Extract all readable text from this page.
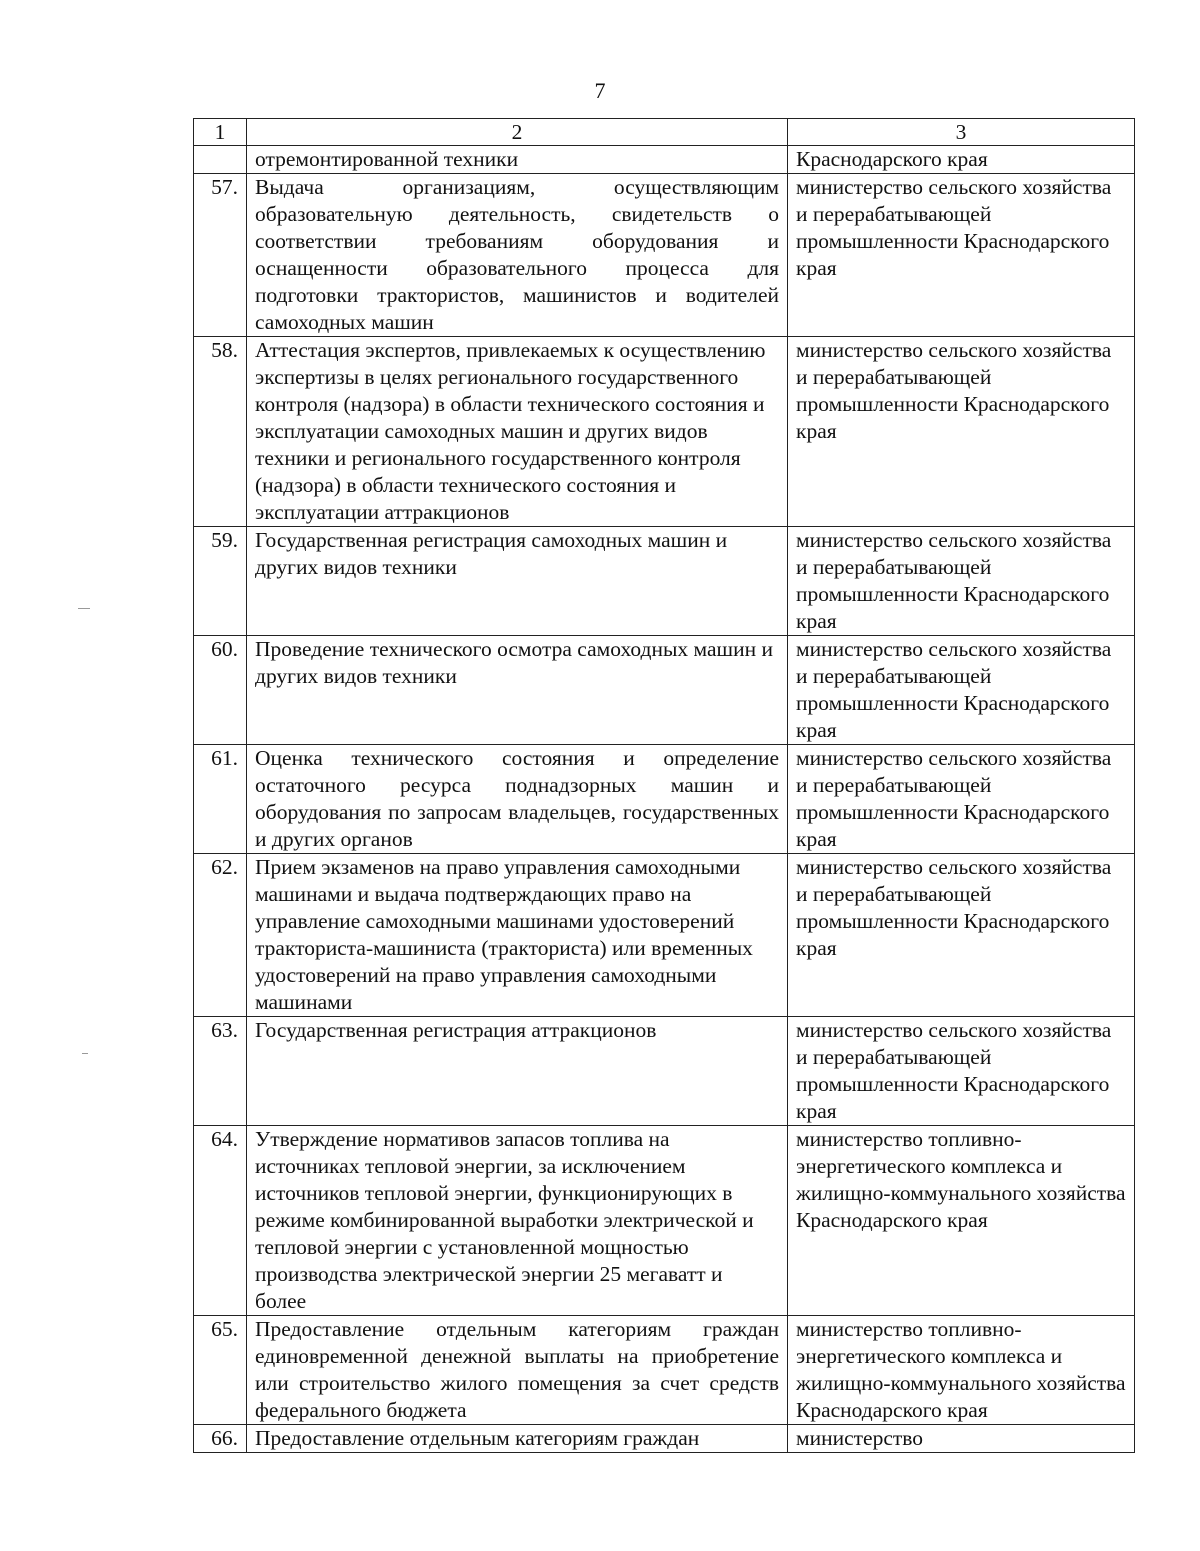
7
1	2	3
	отремонтированной техники	Краснодарского края
57.	Выдача организациям, осуществляющим образовательную деятельность, свидетельств о соответствии требованиям оборудования и оснащенности образовательного процесса для подготовки трактористов, машинистов и водителей самоходных машин	министерство сельского хозяйства и перерабатывающей промышленности Краснодарского края
58.	Аттестация экспертов, привлекаемых к осуществлению экспертизы в целях регионального государственного контроля (надзора) в области технического состояния и эксплуатации самоходных машин и других видов техники и регионального государственного контроля (надзора) в области технического состояния и эксплуатации аттракционов	министерство сельского хозяйства и перерабатывающей промышленности Краснодарского края
59.	Государственная регистрация самоходных машин и других видов техники	министерство сельского хозяйства и перерабатывающей промышленности Краснодарского края
60.	Проведение технического осмотра самоходных машин и других видов техники	министерство сельского хозяйства и перерабатывающей промышленности Краснодарского края
61.	Оценка технического состояния и определение остаточного ресурса поднадзорных машин и оборудования по запросам владельцев, государственных и других органов	министерство сельского хозяйства и перерабатывающей промышленности Краснодарского края
62.	Прием экзаменов на право управления самоходными машинами и выдача подтверждающих право на управление самоходными машинами удостоверений тракториста-машиниста (тракториста) или временных удостоверений на право управления самоходными машинами	министерство сельского хозяйства и перерабатывающей промышленности Краснодарского края
63.	Государственная регистрация аттракционов	министерство сельского хозяйства и перерабатывающей промышленности Краснодарского края
64.	Утверждение нормативов запасов топлива на источниках тепловой энергии, за исключением источников тепловой энергии, функционирующих в режиме комбинированной выработки электрической и тепловой энергии с установленной мощностью производства электрической энергии 25 мегаватт и более	министерство топливно-энергетического комплекса и жилищно-коммунального хозяйства Краснодарского края
65.	Предоставление отдельным категориям граждан единовременной денежной выплаты на приобретение или строительство жилого помещения за счет средств федерального бюджета	министерство топливно-энергетического комплекса и жилищно-коммунального хозяйства Краснодарского края
66.	Предоставление отдельным категориям граждан	министерство
